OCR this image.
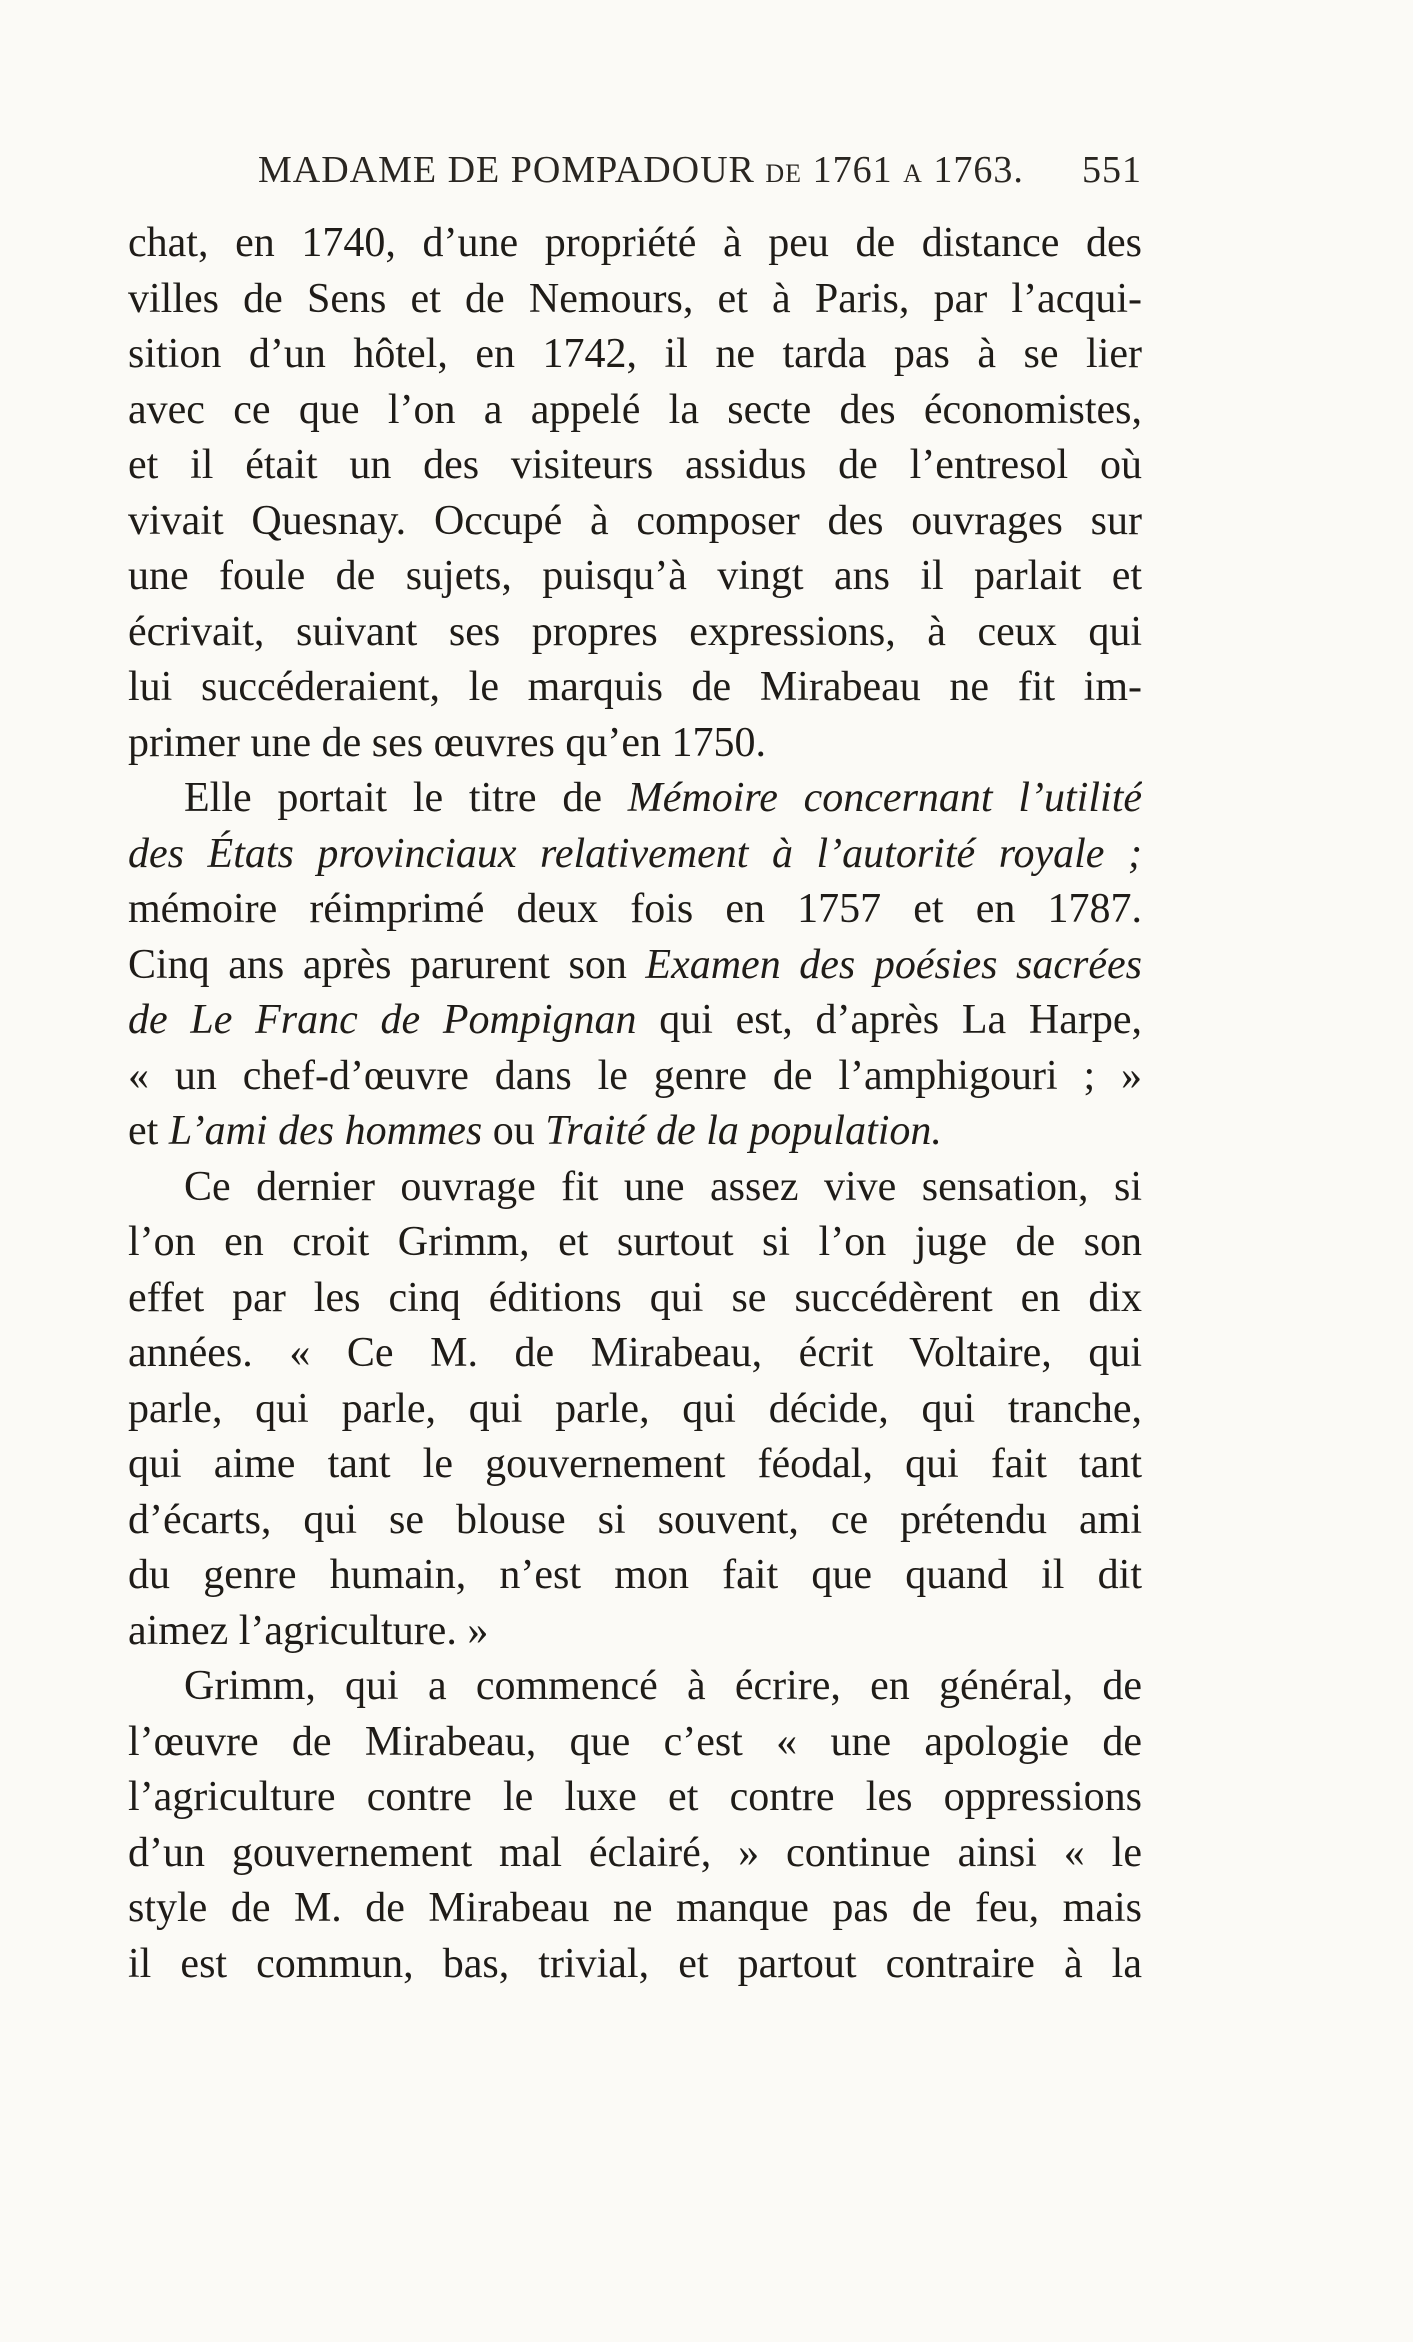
MADAME DE POMPADOUR DE 1761 A 1763. 551
chat, en 1740, d’une propriété à peu de distance des
villes de Sens et de Nemours, et à Paris, par l’acqui-
sition d’un hôtel, en 1742, il ne tarda pas à se lier
avec ce que l’on a appelé la secte des économistes,
et il était un des visiteurs assidus de l’entresol où
vivait Quesnay. Occupé à composer des ouvrages sur
une foule de sujets, puisqu’à vingt ans il parlait et
écrivait, suivant ses propres expressions, à ceux qui
lui succéderaient, le marquis de Mirabeau ne fit im-
primer une de ses œuvres qu’en 1750.
Elle portait le titre de Mémoire concernant l’utilité
des États provinciaux relativement à l’autorité royale ;
mémoire réimprimé deux fois en 1757 et en 1787.
Cinq ans après parurent son Examen des poésies sacrées
de Le Franc de Pompignan qui est, d’après La Harpe,
« un chef-d’œuvre dans le genre de l’amphigouri ; »
et L’ami des hommes ou Traité de la population.
Ce dernier ouvrage fit une assez vive sensation, si
l’on en croit Grimm, et surtout si l’on juge de son
effet par les cinq éditions qui se succédèrent en dix
années. « Ce M. de Mirabeau, écrit Voltaire, qui
parle, qui parle, qui parle, qui décide, qui tranche,
qui aime tant le gouvernement féodal, qui fait tant
d’écarts, qui se blouse si souvent, ce prétendu ami
du genre humain, n’est mon fait que quand il dit
aimez l’agriculture. »
Grimm, qui a commencé à écrire, en général, de
l’œuvre de Mirabeau, que c’est « une apologie de
l’agriculture contre le luxe et contre les oppressions
d’un gouvernement mal éclairé, » continue ainsi « le
style de M. de Mirabeau ne manque pas de feu, mais
il est commun, bas, trivial, et partout contraire à la
